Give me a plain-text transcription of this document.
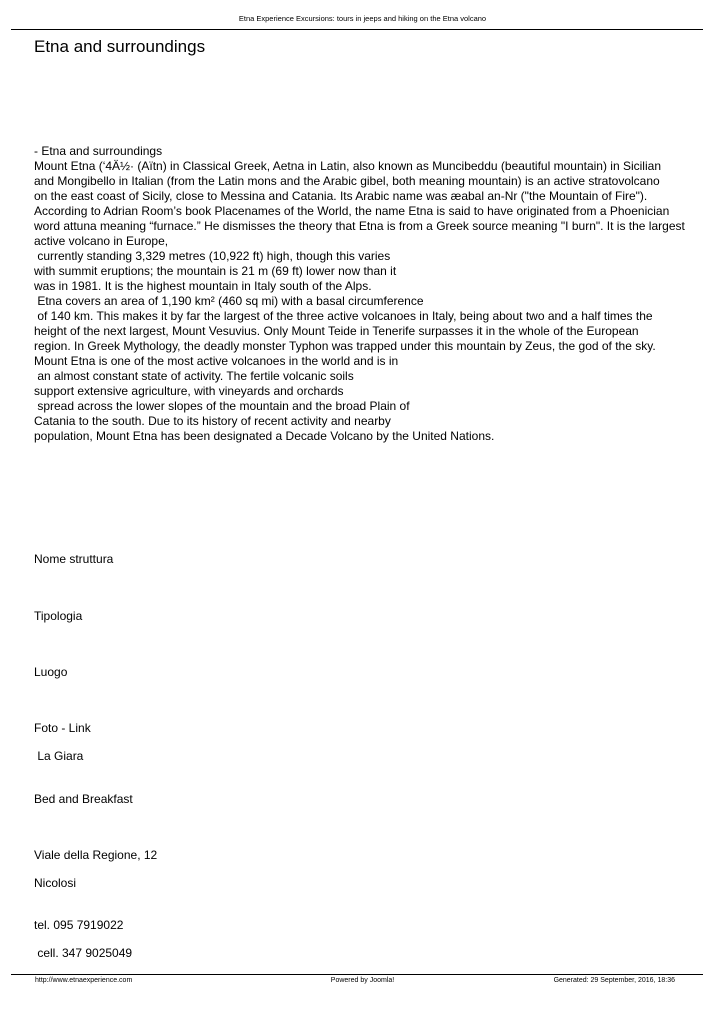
Etna Experience Excursions: tours in jeeps and hiking on the Etna volcano
Etna and surroundings
- Etna and surroundings
Mount Etna (‘4Ä½· (Aïtn) in Classical Greek, Aetna in Latin, also known as Muncibeddu (beautiful mountain) in Sicilian
and Mongibello in Italian (from the Latin mons and the Arabic gibel, both meaning mountain) is an active stratovolcano
on the east coast of Sicily, close to Messina and Catania. Its Arabic name was æabal an-Nr ("the Mountain of Fire").
According to Adrian Room’s book Placenames of the World, the name Etna is said to have originated from a Phoenician
word attuna meaning “furnace.” He dismisses the theory that Etna is from a Greek source meaning "I burn". It is the largest
active volcano in Europe,
currently standing 3,329 metres (10,922 ft) high, though this varies
with summit eruptions; the mountain is 21 m (69 ft) lower now than it
was in 1981. It is the highest mountain in Italy south of the Alps.
Etna covers an area of 1,190 km² (460 sq mi) with a basal circumference
of 140 km. This makes it by far the largest of the three active volcanoes in Italy, being about two and a half times the
height of the next largest, Mount Vesuvius. Only Mount Teide in Tenerife surpasses it in the whole of the European
region. In Greek Mythology, the deadly monster Typhon was trapped under this mountain by Zeus, the god of the sky.
Mount Etna is one of the most active volcanoes in the world and is in
an almost constant state of activity. The fertile volcanic soils
support extensive agriculture, with vineyards and orchards
spread across the lower slopes of the mountain and the broad Plain of
Catania to the south. Due to its history of recent activity and nearby
population, Mount Etna has been designated a Decade Volcano by the United Nations.
Nome struttura
Tipologia
Luogo
Foto - Link
La Giara
Bed and Breakfast
Viale della Regione, 12
Nicolosi
tel. 095 7919022
cell. 347 9025049
http://www.etnaexperience.com	Powered by Joomla!	Generated: 29 September, 2016, 18:36
